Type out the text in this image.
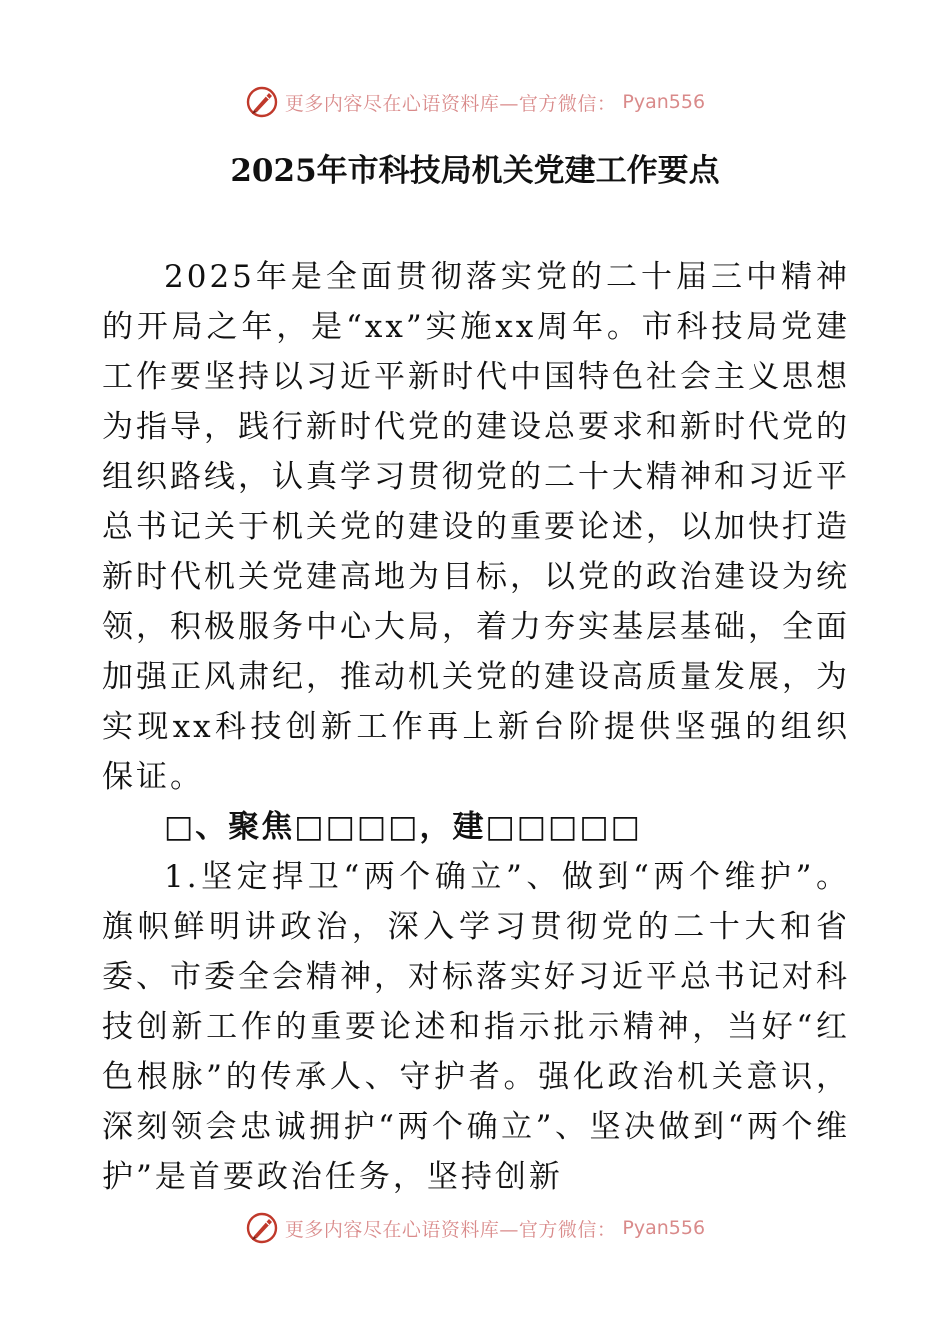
更多内容尽在心语资料库—官方微信： Pyan556
2025年市科技局机关党建工作要点

2025年是全面贯彻落实党的二十届三中精神的开局之年，是“xx”实施xx周年。市科技局党建工作要坚持以习近平新时代中国特色社会主义思想为指导，践行新时代党的建设总要求和新时代党的组织路线，认真学习贯彻党的二十大精神和习近平总书记关于机关党的建设的重要论述，以加快打造新时代机关党建高地为目标，以党的政治建设为统领，积极服务中心大局，着力夯实基层基础，全面加强正风肃纪，推动机关党的建设高质量发展，为实现xx科技创新工作再上新台阶提供坚强的组织保证。

□、聚焦□□□□，建□□□□□

1.坚定捍卫“两个确立”、做到“两个维护”。旗帜鲜明讲政治，深入学习贯彻党的二十大和省委、市委全会精神，对标落实好习近平总书记对科技创新工作的重要论述和指示批示精神，当好“红色根脉”的传承人、守护者。强化政治机关意识，深刻领会忠诚拥护“两个确立”、坚决做到“两个维护”是首要政治任务，坚持创新

更多内容尽在心语资料库—官方微信： Pyan556
